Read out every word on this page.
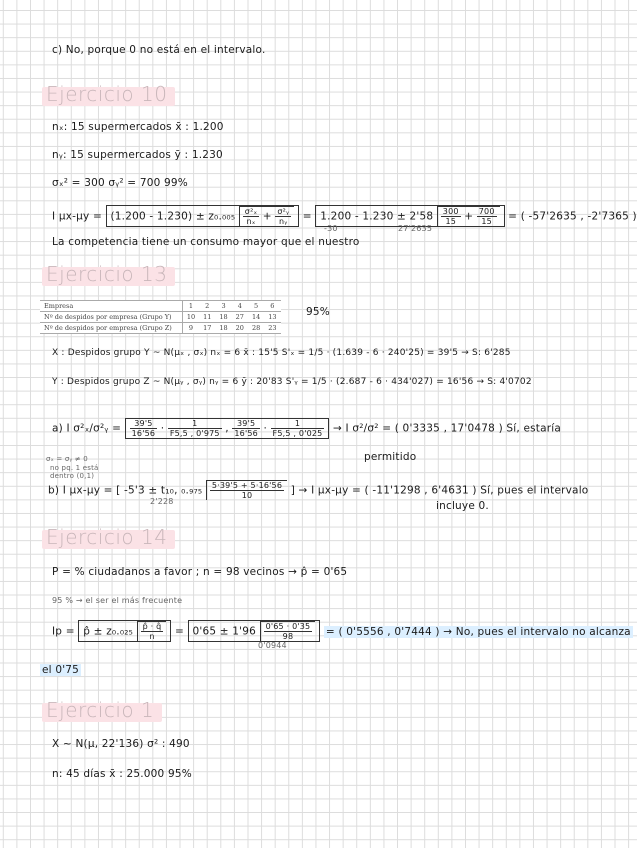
c) No, porque 0 no está en el intervalo.
Ejercicio 10
nₓ: 15 supermercados x̄ : 1.200
nᵧ: 15 supermercados ȳ : 1.230
σₓ² = 300 σᵧ² = 700 99%
I $\mu x-\mu y = (1.200 - 1.230) \pm z_0._{005} \frac{\text{σ²ₓ}}{\text{nₓ}} + \frac{\text{σ²ᵧ}}{\text{nᵧ}} = 1.200 - 1.230 \pm 2'58 \frac{300}{15} + \frac{700}{15}$ = ( -57'2635 , -2'7365 )
-30	27'2635
La competencia tiene un consumo mayor que el nuestro
Ejercicio 13
Empresa	1	2	3	4	5	6
Nº de despidos por empresa (Grupo Y)	10	11	18	27	14	13
Nº de despidos por empresa (Grupo Z)	9	17	18	20	28	23
95%
X : Despidos grupo Y ~ N(μₓ , σₓ) nₓ = 6 x̄ : 15'5 S'ₓ = 1/5 · (1.639 - 6 · 240'25) = 39'5 → S: 6'285
Y : Despidos grupo Z ~ N(μᵧ , σᵧ) nᵧ = 6 ȳ : 20'83 S'ᵧ = 1/5 · (2.687 - 6 · 434'027) = 16'56 → S: 4'0702
a) I σ²ₓ/σ²ᵧ = $\frac{39'5}{16'56} \cdot \frac{1}{F5,5 , 0'975}$ , $\frac{39'5}{16'56} \cdot \frac{1}{F5,5 , 0'025} \to I$ σ²/σ² = ( 0'3335 , 17'0478 ) Sí, estaría
permitido
σₓ = σᵧ ≠ 0
no pq. 1 está
dentro (0,1)
b) I μx-μy = [ -5'3 ± t₁₀, $_0._{975} \frac{5\cdot 39'5 + 5\cdot 16'56}{10}$ ] → I μx-μy = ( -11'1298 , 6'4631 ) Sí, pues el intervalo
2'228	incluye 0.
Ejercicio 14
P = % ciudadanos a favor ; n = 98 vecinos → p̂ = 0'65
95 % → el ser el más frecuente
Ip = p̂ ± $z_0._{025} \frac{p̂ \cdot q̂}{n} = 0'65 \pm 1'96 \frac{0'65 \cdot 0'35}{98}$ = ( 0'5556 , 0'7444 ) → No, pues el intervalo no alcanza
0'0944
el 0'75
Ejercicio 1
X ~ N(μ, 22'136) σ² : 490
n: 45 días x̄ : 25.000 95%
